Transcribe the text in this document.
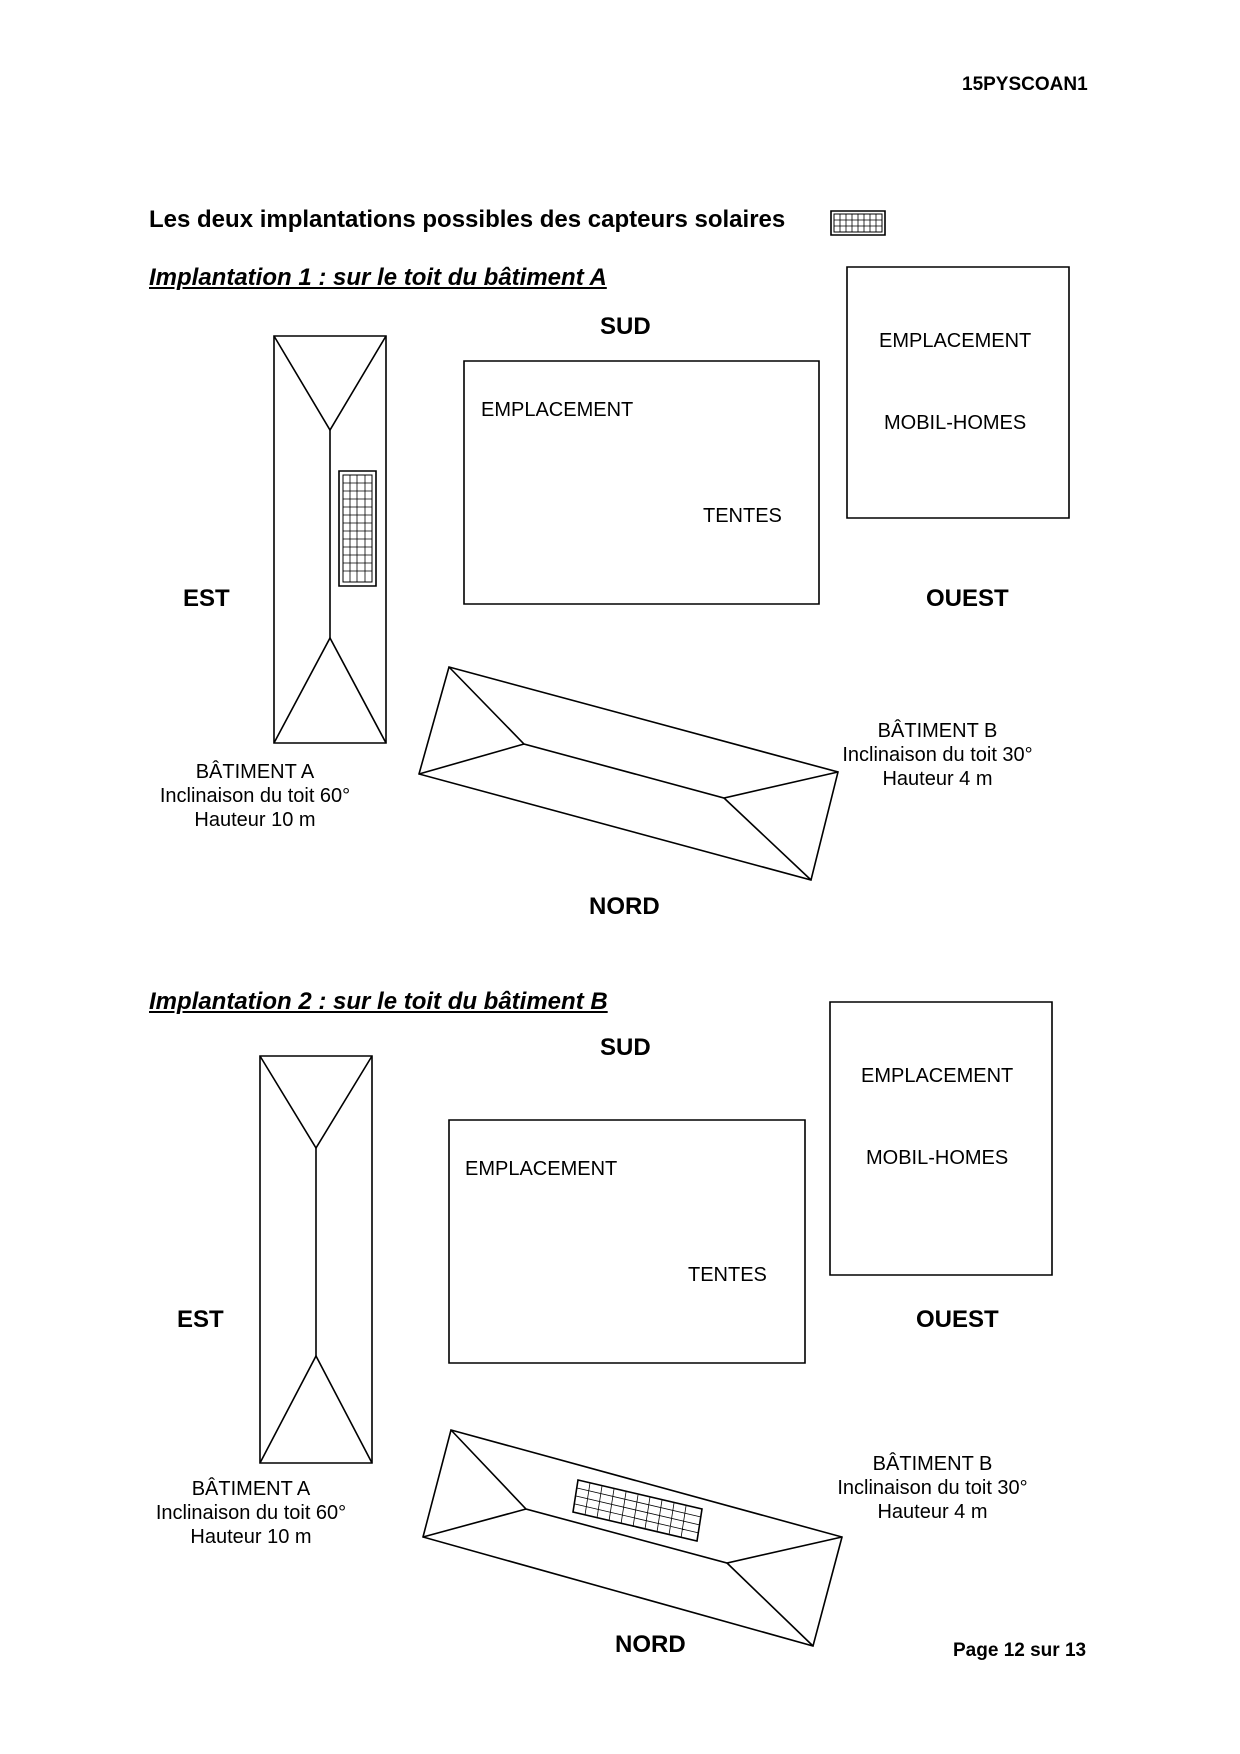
15PYSCOAN1
Les deux implantations possibles des capteurs solaires
Implantation 1 : sur le toit du bâtiment A
SUD
EST	OUEST
NORD
EMPLACEMENT
TENTES
EMPLACEMENT
MOBIL-HOMES
BÂTIMENT A
Inclinaison du toit 60°
Hauteur 10 m
BÂTIMENT B
Inclinaison du toit 30°
Hauteur 4 m
Implantation 2 : sur le toit du bâtiment B
SUD
EST	OUEST
NORD
EMPLACEMENT
TENTES
EMPLACEMENT
MOBIL-HOMES
BÂTIMENT A
Inclinaison du toit 60°
Hauteur 10 m
BÂTIMENT B
Inclinaison du toit 30°
Hauteur 4 m
Page 12 sur 13
